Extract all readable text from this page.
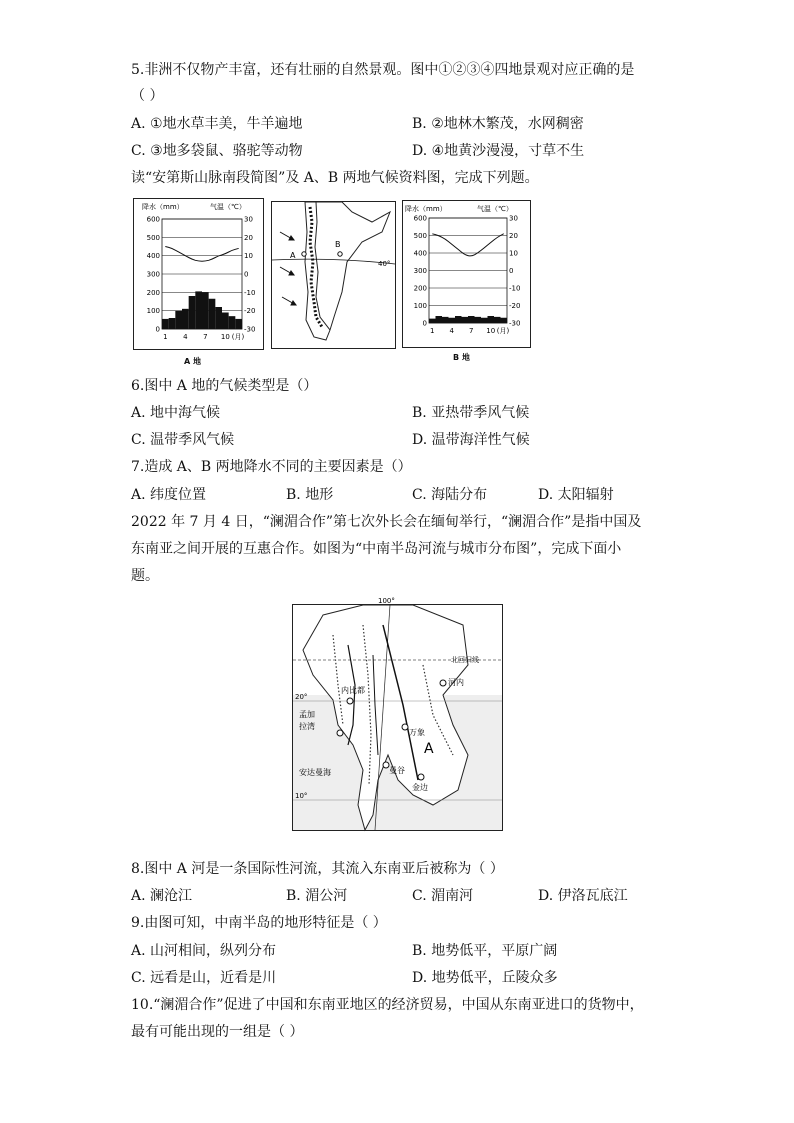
5.非洲不仅物产丰富，还有壮丽的自然景观。图中①②③④四地景观对应正确的是
（ ）
A. ①地水草丰美，牛羊遍地	B. ②地林木繁茂，水网稠密
C. ③地多袋鼠、骆驼等动物	D. ④地黄沙漫漫，寸草不生
读“安第斯山脉南段简图”及 A、B 两地气候资料图，完成下列题。
降水（mm）	气温（℃）
600
500
400
300
200
100
0
30
20
10
0
-10
-20
-30
1 4 7 10 (月)
A 地
A
B
40°
降水（mm）	气温（℃）
600
500
400
300
200
100
0
30
20
10
0
-10
-20
-30
1 4 7 10 (月)
B 地
6.图中 A 地的气候类型是（）
A. 地中海气候	B. 亚热带季风气候
C. 温带季风气候	D. 温带海洋性气候
7.造成 A、B 两地降水不同的主要因素是（）
A. 纬度位置	B. 地形	C. 海陆分布	D. 太阳辐射
2022 年 7 月 4 日，“澜湄合作”第七次外长会在缅甸举行，“澜湄合作”是指中国及
东南亚之间开展的互惠合作。如图为“中南半岛河流与城市分布图”，完成下面小
题。
100°
北回归线
20°
10°
孟加
拉湾
安达曼海
内比都
河内
万象
曼谷
金边
A
8.图中 A 河是一条国际性河流，其流入东南亚后被称为（ ）
A. 澜沧江	B. 湄公河	C. 湄南河	D. 伊洛瓦底江
9.由图可知，中南半岛的地形特征是（ ）
A. 山河相间，纵列分布	B. 地势低平，平原广阔
C. 远看是山，近看是川	D. 地势低平，丘陵众多
10.“澜湄合作”促进了中国和东南亚地区的经济贸易，中国从东南亚进口的货物中，
最有可能出现的一组是（ ）
